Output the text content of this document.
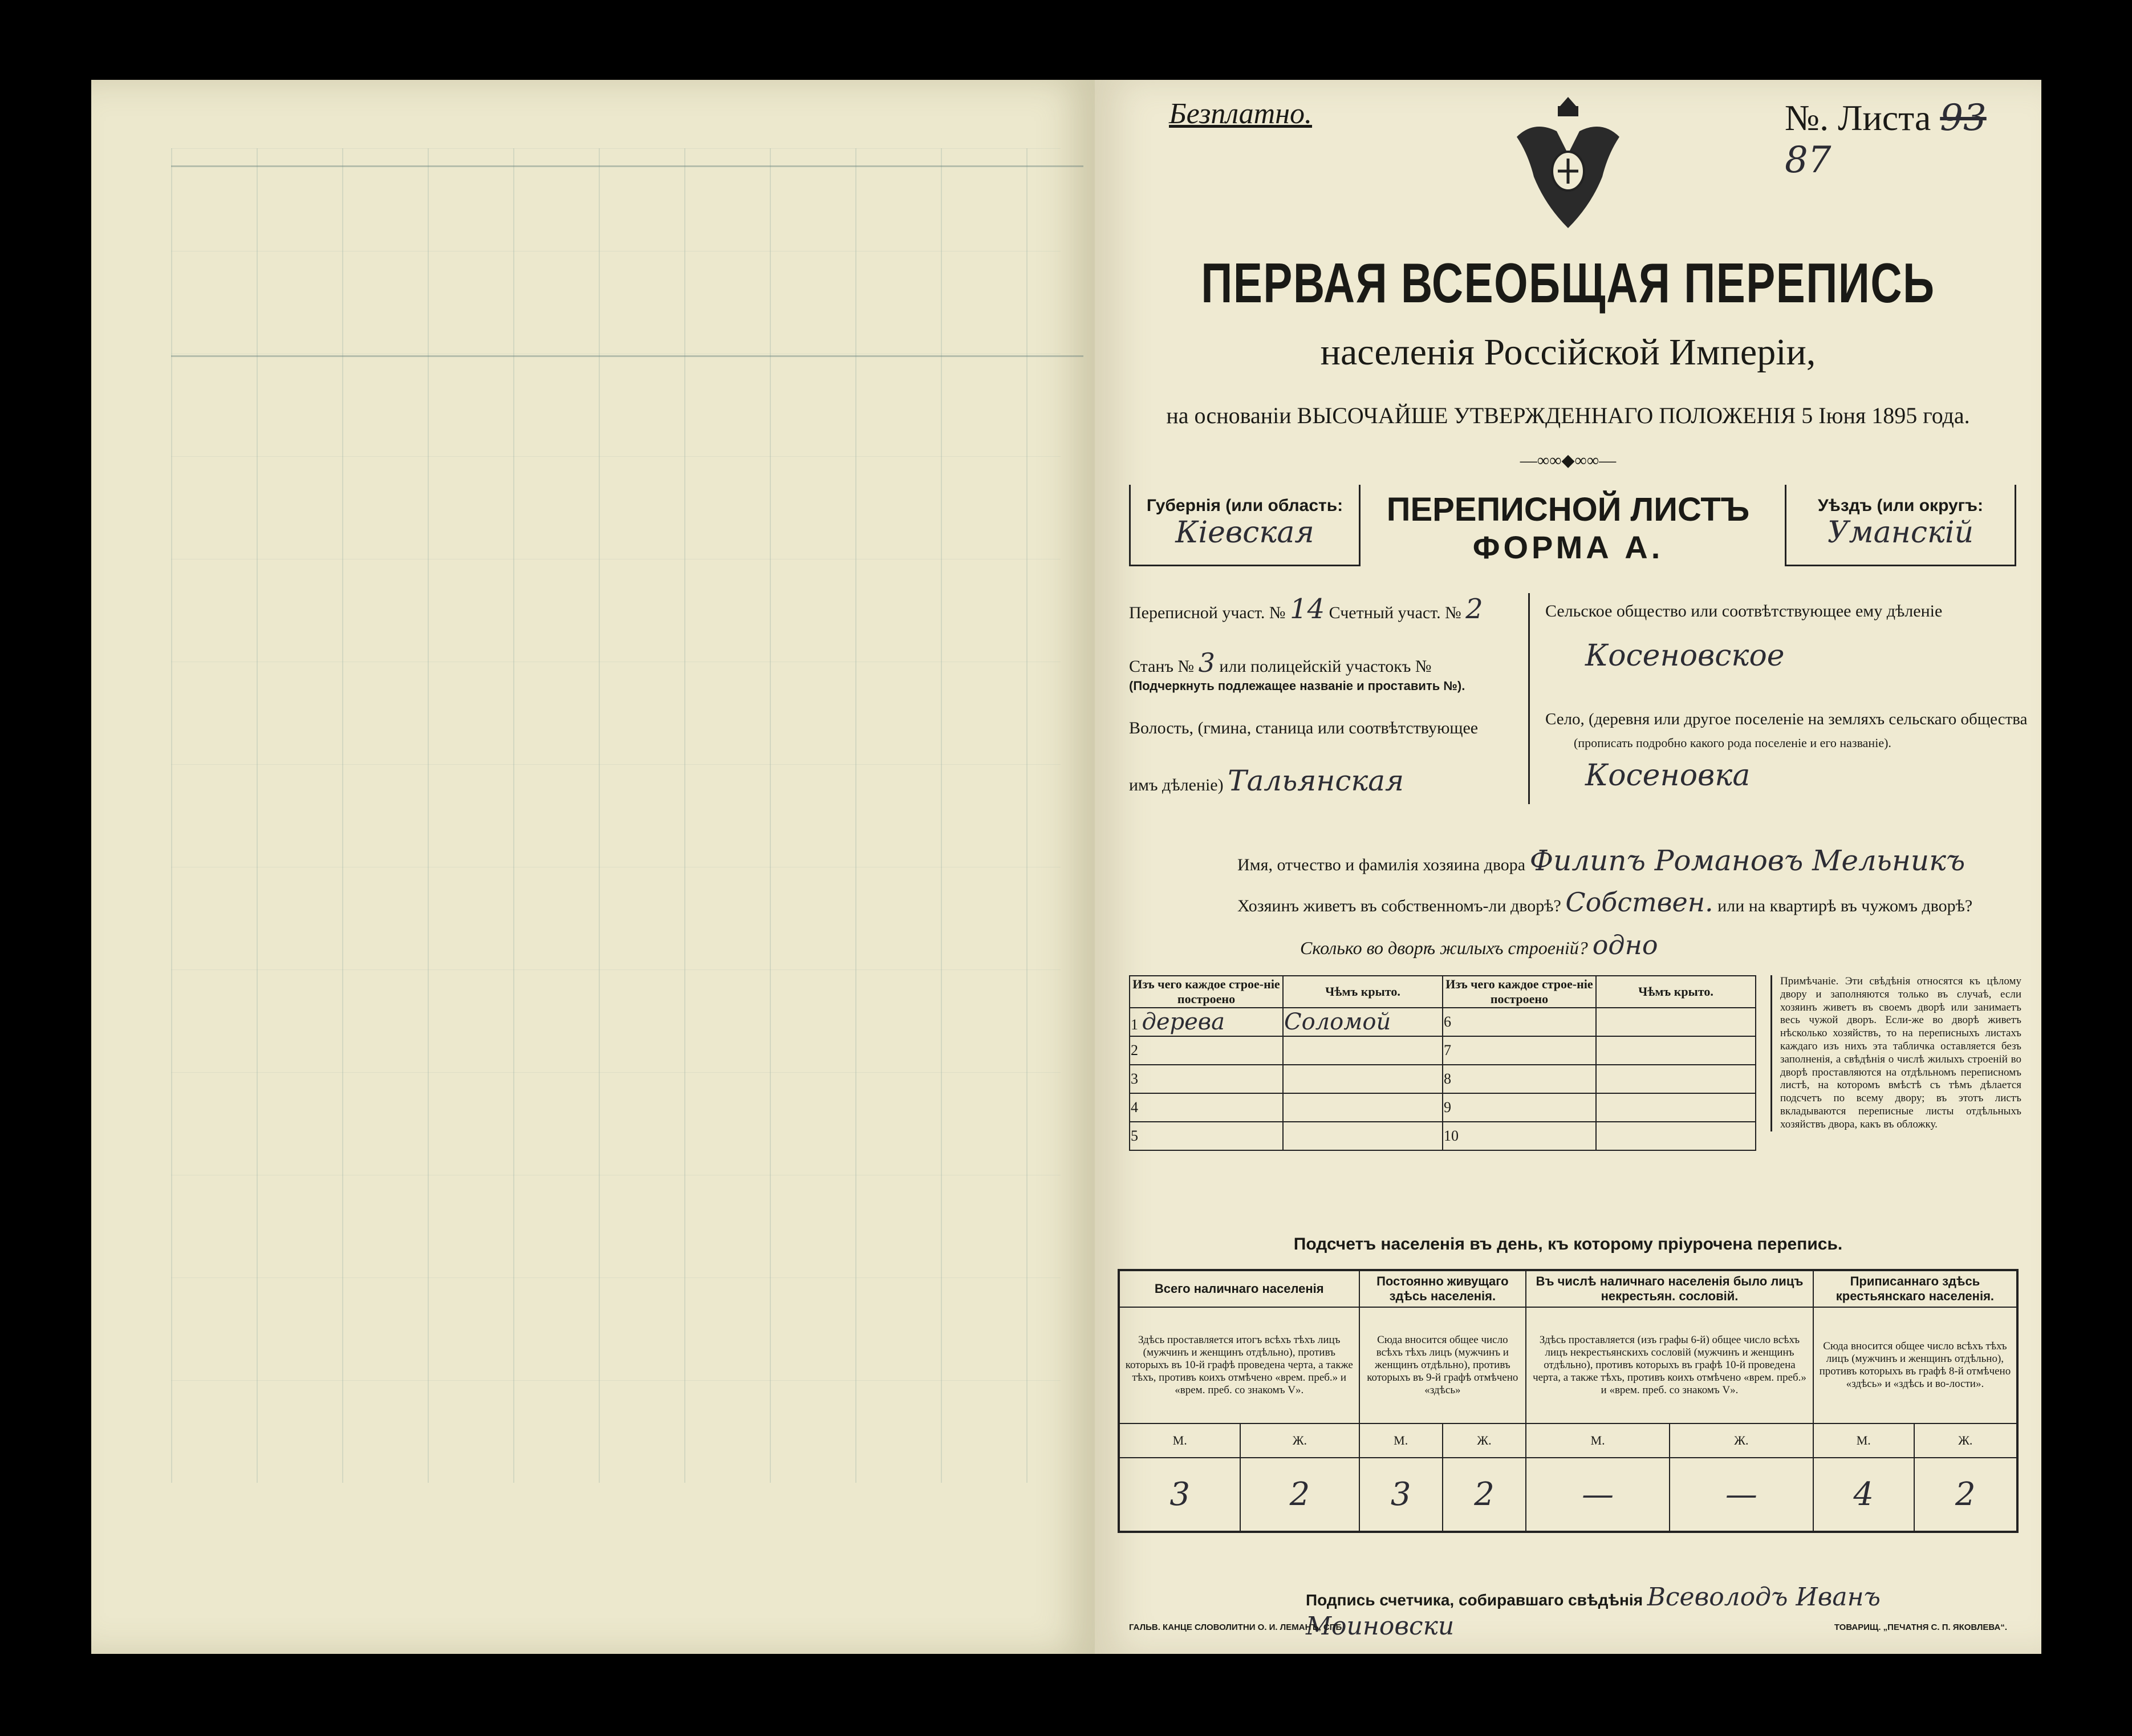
Безплатно.	№. Листа 93 87
ПЕРВАЯ ВСЕОБЩАЯ ПЕРЕПИСЬ
населенія Россійской Имперіи,
на основаніи ВЫСОЧАЙШЕ УТВЕРЖДЕННАГО ПОЛОЖЕНІЯ 5 Іюня 1895 года.
—∞∞◆∞∞—
Губернія (или область:
Кіевская
ПЕРЕПИСНОЙ ЛИСТЪ
ФОРМА А.
Уѣздъ (или округъ:
Уманскій
Переписной участ. № 14 Счетный участ. № 2
Станъ № 3 или полицейскій участокъ №
(Подчеркнуть подлежащее названіе и проставить №).
Волость, (гмина, станица или соотвѣтствующее
имъ дѣленіе) Тальянская
Сельское общество или соотвѣтствующее ему дѣленіе
Косеновское
Село, (деревня или другое поселеніе на земляхъ сельскаго общества
(прописать подробно какого рода поселеніе и его названіе).
Косеновка
Имя, отчество и фамилія хозяина двора Филипъ Романовъ Мельникъ
Хозяинъ живетъ въ собственномъ-ли дворѣ? Собствен. или на квартирѣ въ чужомъ дворѣ?
Сколько во дворѣ жилыхъ строеній? одно
Изъ чего каждое строе-ніе построено	Чѣмъ крыто.	Изъ чего каждое строе-ніе построено	Чѣмъ крыто.
1 дерева	Соломой	6	
2		7	
3		8	
4		9	
5		10	
Примѣчаніе. Эти свѣдѣнія относятся къ цѣлому двору и заполняются только въ случаѣ, если хозяинъ живетъ въ своемъ дворѣ или занимаетъ весь чужой дворъ. Если-же во дворѣ живетъ нѣсколько хозяйствъ, то на переписныхъ листахъ каждаго изъ нихъ эта табличка оставляется безъ заполненія, а свѣдѣнія о числѣ жилыхъ строеній во дворѣ проставляются на отдѣльномъ переписномъ листѣ, на которомъ вмѣстѣ съ тѣмъ дѣлается подсчетъ по всему двору; въ этотъ листъ вкладываются переписные листы отдѣльныхъ хозяйствъ двора, какъ въ обложку.
Подсчетъ населенія въ день, къ которому пріурочена перепись.
Всего наличнаго населенія		Постоянно живущаго здѣсь населенія.		Въ числѣ наличнаго населенія было лицъ некрестьян. сословій.		Приписаннаго здѣсь крестьянскаго населенія.	
Здѣсь проставляется итогъ всѣхъ тѣхъ лицъ (мужчинъ и женщинъ отдѣльно), противъ которыхъ въ 10-й графѣ проведена черта, а также тѣхъ, противъ коихъ отмѣчено «врем. преб.» и «врем. преб. со знакомъ V».		Сюда вносится общее число всѣхъ тѣхъ лицъ (мужчинъ и женщинъ отдѣльно), противъ которыхъ въ 9-й графѣ отмѣчено «здѣсь»		Здѣсь проставляется (изъ графы 6-й) общее число всѣхъ лицъ некрестьянскихъ сословій (мужчинъ и женщинъ отдѣльно), противъ которыхъ въ графѣ 10-й проведена черта, а также тѣхъ, противъ коихъ отмѣчено «врем. преб.» и «врем. преб. со знакомъ V».		Сюда вносится общее число всѣхъ тѣхъ лицъ (мужчинъ и женщинъ отдѣльно), противъ которыхъ въ графѣ 8-й отмѣчено «здѣсь» и «здѣсь и во-лости».	
М.	Ж.	М.	Ж.	М.	Ж.	М.	Ж.
3	2	3	2	—	—	4	2
Подпись счетчика, собиравшаго свѣдѣнія Всеволодъ Иванъ Моиновски
ГАЛЬВ. КАНЦЕ СЛОВОЛИТНИ О. И. ЛЕМАНЪ, СПБ	ТОВАРИЩ. „ПЕЧАТНЯ С. П. ЯКОВЛЕВА“.
